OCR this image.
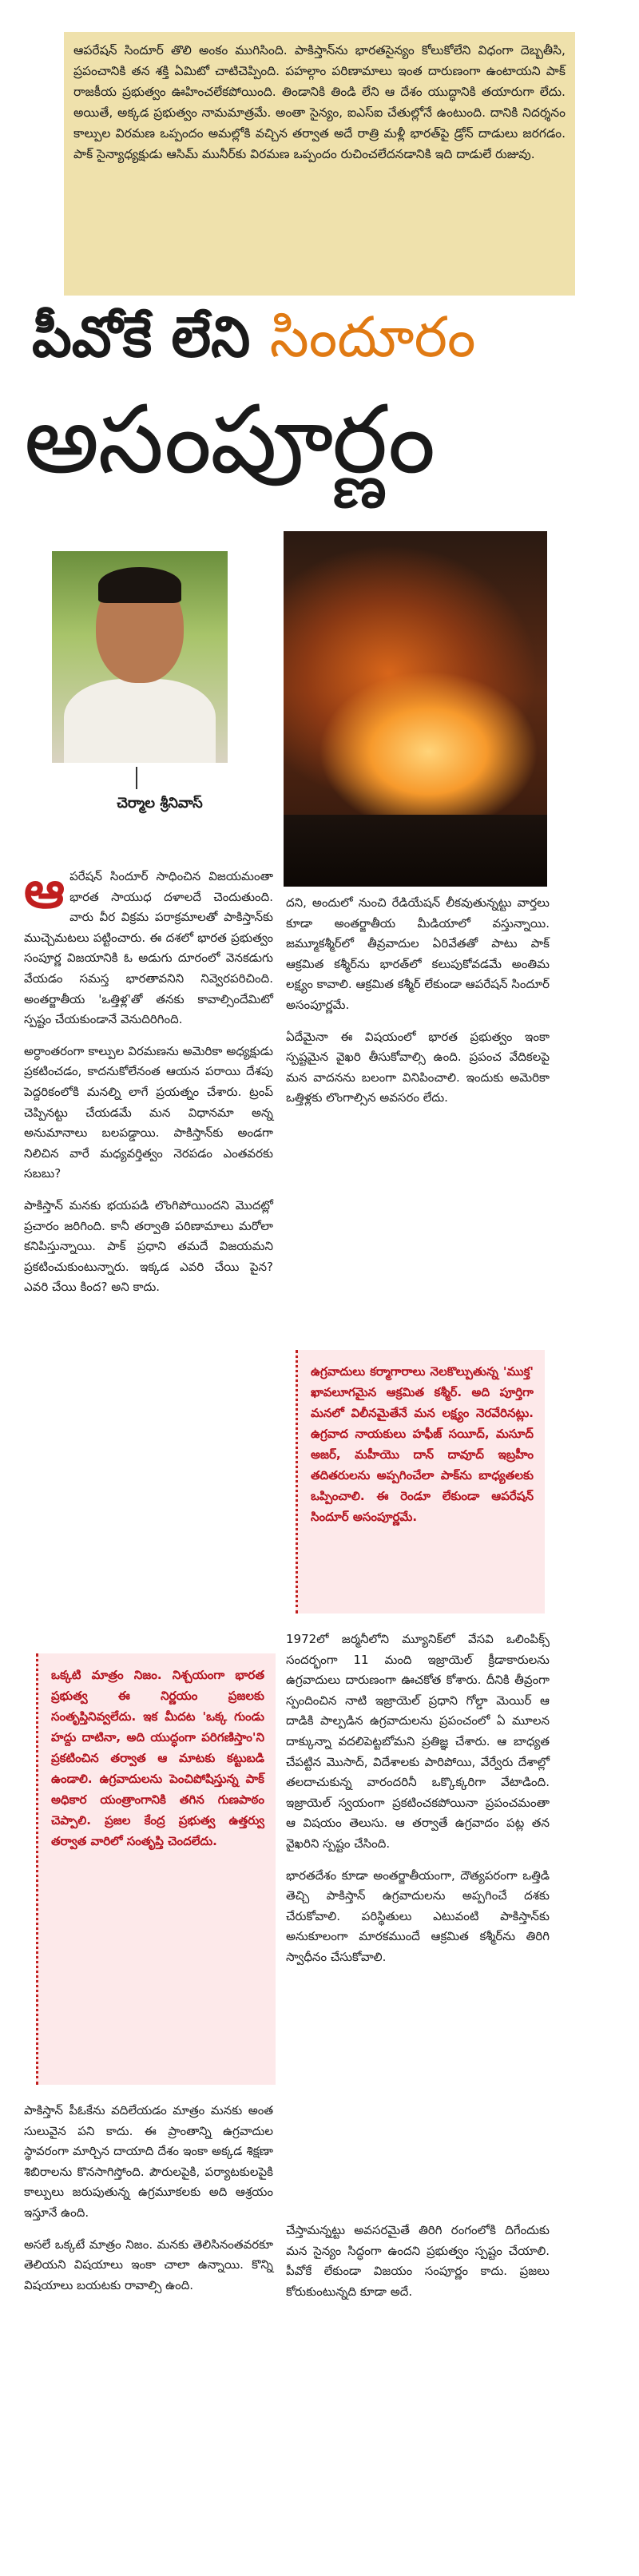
ఆపరేషన్ సిందూర్ తొలి అంకం ముగిసింది. పాకిస్తాన్‌ను భారతసైన్యం కోలుకోలేని విధంగా దెబ్బతీసి, ప్రపంచానికి తన శక్తి ఏమిటో చాటిచెప్పింది. పహల్గాం పరిణామాలు ఇంత దారుణంగా ఉంటాయని పాక్ రాజకీయ ప్రభుత్వం ఊహించలేకపోయింది. తిండానికి తిండి లేని ఆ దేశం యుద్ధానికి తయారుగా లేదు. అయితే, అక్కడ ప్రభుత్వం నామమాత్రమే. అంతా సైన్యం, ఐఎస్‌ఐ చేతుల్లోనే ఉంటుంది. దానికి నిదర్శనం కాల్పుల విరమణ ఒప్పందం అమల్లోకి వచ్చిన తర్వాత అదే రాత్రి మళ్లీ భారత్‌పై డ్రోన్ దాడులు జరగడం. పాక్ సైన్యాధ్యక్షుడు ఆసిమ్ మునీర్‌కు విరమణ ఒప్పందం రుచించలేదనడానికి ఇది దాడులే రుజువు.
పీవోకే లేని సిందూరం
అసంపూర్ణం
చెర్మాల శ్రీనివాస్

ఆపరేషన్ సిందూర్ సాధించిన విజయమంతా భారత సాయుధ దళాలదే చెందుతుంది. వారు వీర విక్రమ పరాక్రమాలతో పాకిస్తాన్‌కు ముచ్చెమటలు పట్టించారు. ఈ దశలో భారత ప్రభుత్వం సంపూర్ణ విజయానికి ఓ అడుగు దూరంలో వెనకడుగు వేయడం సమస్త భారతావనిని నివ్వెరపరిచింది. అంతర్జాతీయ 'ఒత్తిళ్ల'తో తనకు కావాల్సిందేమిటో స్పష్టం చేయకుండానే వెనుదిరిగింది.

అర్ధాంతరంగా కాల్పుల విరమణను అమెరికా అధ్యక్షుడు ప్రకటించడం, కాదనుకోలేనంత ఆయన పరాయి దేశపు పెద్దరికంలోకి మనల్ని లాగే ప్రయత్నం చేశారు. ట్రంప్ చెప్పినట్టు చేయడమే మన విధానమా అన్న అనుమానాలు బలపడ్డాయి. పాకిస్తాన్‌కు అండగా నిలిచిన వారే మధ్యవర్తిత్వం నెరపడం ఎంతవరకు సబబు?

పాకిస్తాన్ మనకు భయపడి లొంగిపోయిందని మొదట్లో ప్రచారం జరిగింది. కానీ తర్వాతి పరిణామాలు మరోలా కనిపిస్తున్నాయి. పాక్ ప్రధాని తమదే విజయమని ప్రకటించుకుంటున్నారు. ఇక్కడ ఎవరి చేయి పైన? ఎవరి చేయి కింద? అని కాదు.

దని, అందులో నుంచి రేడియేషన్ లీకవుతున్నట్టు వార్తలు కూడా అంతర్జాతీయ మీడియాలో వస్తున్నాయి. జమ్మూకశ్మీర్‌లో తీవ్రవాదుల ఏరివేతతో పాటు పాక్ ఆక్రమిత కశ్మీర్‌ను భారత్‌లో కలుపుకోవడమే అంతిమ లక్ష్యం కావాలి. ఆక్రమిత కశ్మీర్ లేకుండా ఆపరేషన్ సిందూర్ అసంపూర్ణమే.

ఏదేమైనా ఈ విషయంలో భారత ప్రభుత్వం ఇంకా స్పష్టమైన వైఖరి తీసుకోవాల్సి ఉంది. ప్రపంచ వేదికలపై మన వాదనను బలంగా వినిపించాలి. ఇందుకు అమెరికా ఒత్తిళ్లకు లొంగాల్సిన అవసరం లేదు.

ఉగ్రవాదులు కర్మాగారాలు నెలకొల్పుతున్న 'ముక్త' ఖావలూగమైన ఆక్రమిత కశ్మీర్‌. అది పూర్తిగా మనలో విలీనమైతేనే మన లక్ష్యం నెరవేరినట్లు. ఉగ్రవాద నాయకులు హఫీజ్ సయీద్, మసూద్ అజర్, మహీయొ దాన్ దావూద్ ఇబ్రహీం తదితరులను అప్పగించేలా పాక్‌ను బాధ్యతలకు ఒప్పించాలి. ఈ రెండూ లేకుండా ఆపరేషన్ సిందూర్ అసంపూర్ణమే.

1972లో జర్మనీలోని మ్యూనిక్‌లో వేసవి ఒలింపిక్స్ సందర్భంగా 11 మంది ఇజ్రాయెల్ క్రీడాకారులను ఉగ్రవాదులు దారుణంగా ఊచకోత కోశారు. దీనికి తీవ్రంగా స్పందించిన నాటి ఇజ్రాయెల్ ప్రధాని గోల్డా మెయిర్ ఆ దాడికి పాల్పడిన ఉగ్రవాదులను ప్రపంచంలో ఏ మూలన దాక్కున్నా వదలిపెట్టబోమని ప్రతిజ్ఞ చేశారు. ఆ బాధ్యత చేపట్టిన మొసాద్, విదేశాలకు పారిపోయి, వేర్వేరు దేశాల్లో తలదాచుకున్న వారందరినీ ఒక్కొక్కరిగా వేటాడింది. ఇజ్రాయెల్ స్వయంగా ప్రకటించకపోయినా ప్రపంచమంతా ఆ విషయం తెలుసు. ఆ తర్వాతే ఉగ్రవాదం పట్ల తన వైఖరిని స్పష్టం చేసింది.

భారతదేశం కూడా అంతర్జాతీయంగా, దౌత్యపరంగా ఒత్తిడి తెచ్చి పాకిస్తాన్ ఉగ్రవాదులను అప్పగించే దశకు చేరుకోవాలి. పరిస్థితులు ఎటువంటి పాకిస్తాన్‌కు అనుకూలంగా మారకముందే ఆక్రమిత కశ్మీర్‌ను తిరిగి స్వాధీనం చేసుకోవాలి.

ఒక్కటి మాత్రం నిజం. నిశ్చయంగా భారత ప్రభుత్వ ఈ నిర్ణయం ప్రజలకు సంతృప్తినివ్వలేదు. ఇక మీదట 'ఒక్క గుండు హద్దు దాటినా, అది యుద్ధంగా పరిగణిస్తాం'ని ప్రకటించిన తర్వాత ఆ మాటకు కట్టుబడి ఉండాలి. ఉగ్రవాదులను పెంచిపోషిస్తున్న పాక్ అధికార యంత్రాంగానికి తగిన గుణపాఠం చెప్పాలి. ప్రజల కేంద్ర ప్రభుత్వ ఉత్తర్వు తర్వాత వారిలో సంతృప్తి చెందలేదు.

పాకిస్తాన్ పీఓకేను వదిలేయడం మాత్రం మనకు అంత సులువైన పని కాదు. ఈ ప్రాంతాన్ని ఉగ్రవాదుల స్థావరంగా మార్చిన దాయాది దేశం ఇంకా అక్కడ శిక్షణా శిబిరాలను కొనసాగిస్తోంది. పౌరులపైకి, పర్యాటకులపైకి కాల్పులు జరుపుతున్న ఉగ్రమూకలకు అది ఆశ్రయం ఇస్తూనే ఉంది.

అసలే ఒక్కటే మాత్రం నిజం. మనకు తెలిసినంతవరకూ తెలియని విషయాలు ఇంకా చాలా ఉన్నాయి. కొన్ని విషయాలు బయటకు రావాల్సి ఉంది.

చేస్తామన్నట్టు అవసరమైతే తిరిగి రంగంలోకి దిగేందుకు మన సైన్యం సిద్ధంగా ఉందని ప్రభుత్వం స్పష్టం చేయాలి. పీవోకే లేకుండా విజయం సంపూర్ణం కాదు. ప్రజలు కోరుకుంటున్నది కూడా అదే.
